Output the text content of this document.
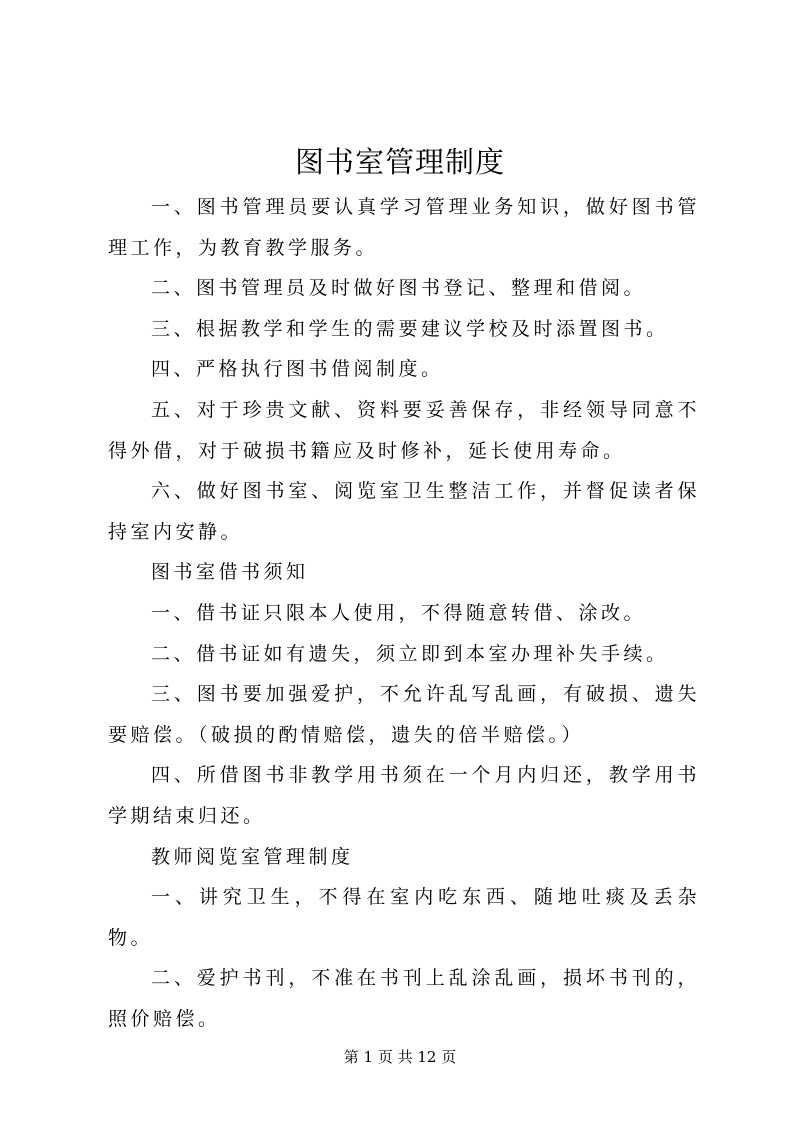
图书室管理制度

一、图书管理员要认真学习管理业务知识，做好图书管理工作，为教育教学服务。

二、图书管理员及时做好图书登记、整理和借阅。

三、根据教学和学生的需要建议学校及时添置图书。

四、严格执行图书借阅制度。

五、对于珍贵文献、资料要妥善保存，非经领导同意不得外借，对于破损书籍应及时修补，延长使用寿命。

六、做好图书室、阅览室卫生整洁工作，并督促读者保持室内安静。

图书室借书须知

一、借书证只限本人使用，不得随意转借、涂改。

二、借书证如有遗失，须立即到本室办理补失手续。

三、图书要加强爱护，不允许乱写乱画，有破损、遗失要赔偿。（破损的酌情赔偿，遗失的倍半赔偿。）

四、所借图书非教学用书须在一个月内归还，教学用书学期结束归还。

教师阅览室管理制度

一、讲究卫生，不得在室内吃东西、随地吐痰及丢杂物。

二、爱护书刊，不准在书刊上乱涂乱画，损坏书刊的，照价赔偿。

第 1 页 共 12 页
